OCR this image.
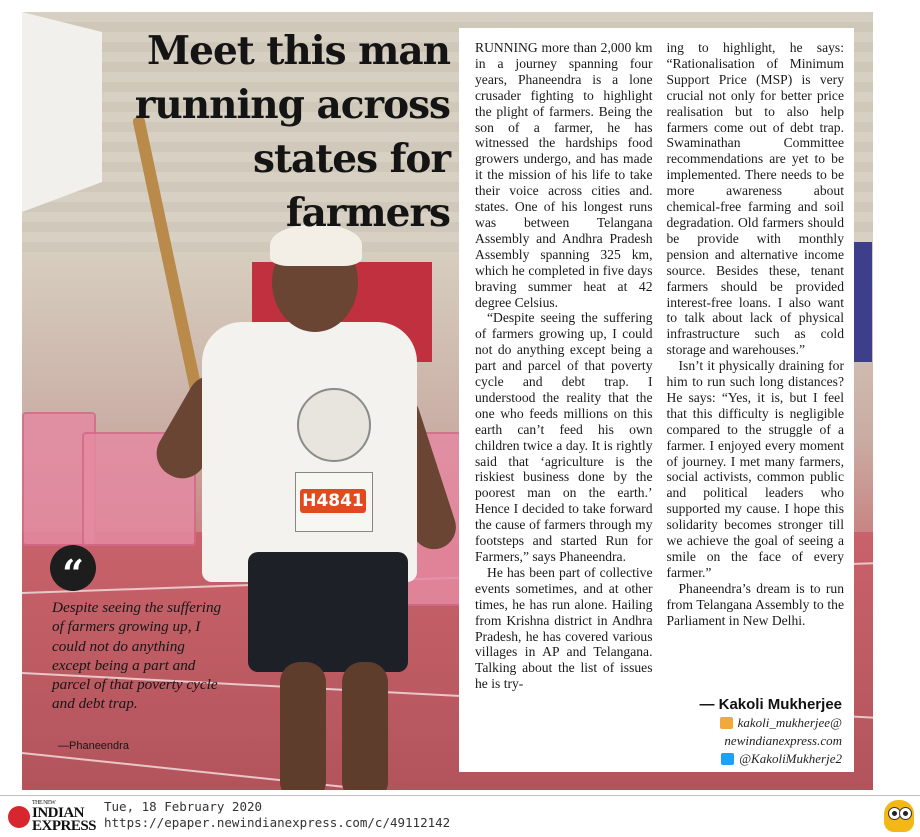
H4841
Meet this man
running across
states for farmers
“
Despite seeing the suffering of farmers growing up, I could not do anything except being a part and parcel of that poverty cycle and debt trap.
—Phaneendra

RUNNING more than 2,000 km in a journey spanning four years, Phaneendra is a lone crusader fighting to highlight the plight of farmers. Being the son of a farmer, he has witnessed the hardships food growers undergo, and has made it the mission of his life to take their voice across cities and. states. One of his longest runs was between Telangana Assembly and Andhra Pradesh Assembly spanning 325 km, which he completed in five days braving summer heat at 42 degree Celsius.

“Despite seeing the suffering of farmers growing up, I could not do anything except being a part and parcel of that poverty cycle and debt trap. I understood the reality that the one who feeds millions on this earth can’t feed his own children twice a day. It is rightly said that ‘agriculture is the riskiest business done by the poorest man on the earth.’ Hence I decided to take forward the cause of farmers through my footsteps and started Run for Farmers,” says Phaneendra.

He has been part of collective events sometimes, and at other times, he has run alone. Hailing from Krishna district in Andhra Pradesh, he has covered various villages in AP and Telangana. Talking about the list of issues he is try-

ing to highlight, he says: “Rationalisation of Minimum Support Price (MSP) is very crucial not only for better price realisation but to also help farmers come out of debt trap. Swaminathan Committee recommendations are yet to be implemented. There needs to be more awareness about chemical-free farming and soil degradation. Old farmers should be provide with monthly pension and alternative income source. Besides these, tenant farmers should be provided interest-free loans. I also want to talk about lack of physical infrastructure such as cold storage and warehouses.”

Isn’t it physically draining for him to run such long distances? He says: “Yes, it is, but I feel that this difficulty is negligible compared to the struggle of a farmer. I enjoyed every moment of journey. I met many farmers, social activists, common public and political leaders who supported my cause. I hope this solidarity becomes stronger till we achieve the goal of seeing a smile on the face of every farmer.”

Phaneendra’s dream is to run from Telangana Assembly to the Parliament in New Delhi.

— Kakoli Mukherjee
kakoli_mukherjee@
newindianexpress.com
@KakoliMukherje2
THE NEW
INDIAN
EXPRESS
Tue, 18 February 2020
https://epaper.newindianexpress.com/c/49112142
